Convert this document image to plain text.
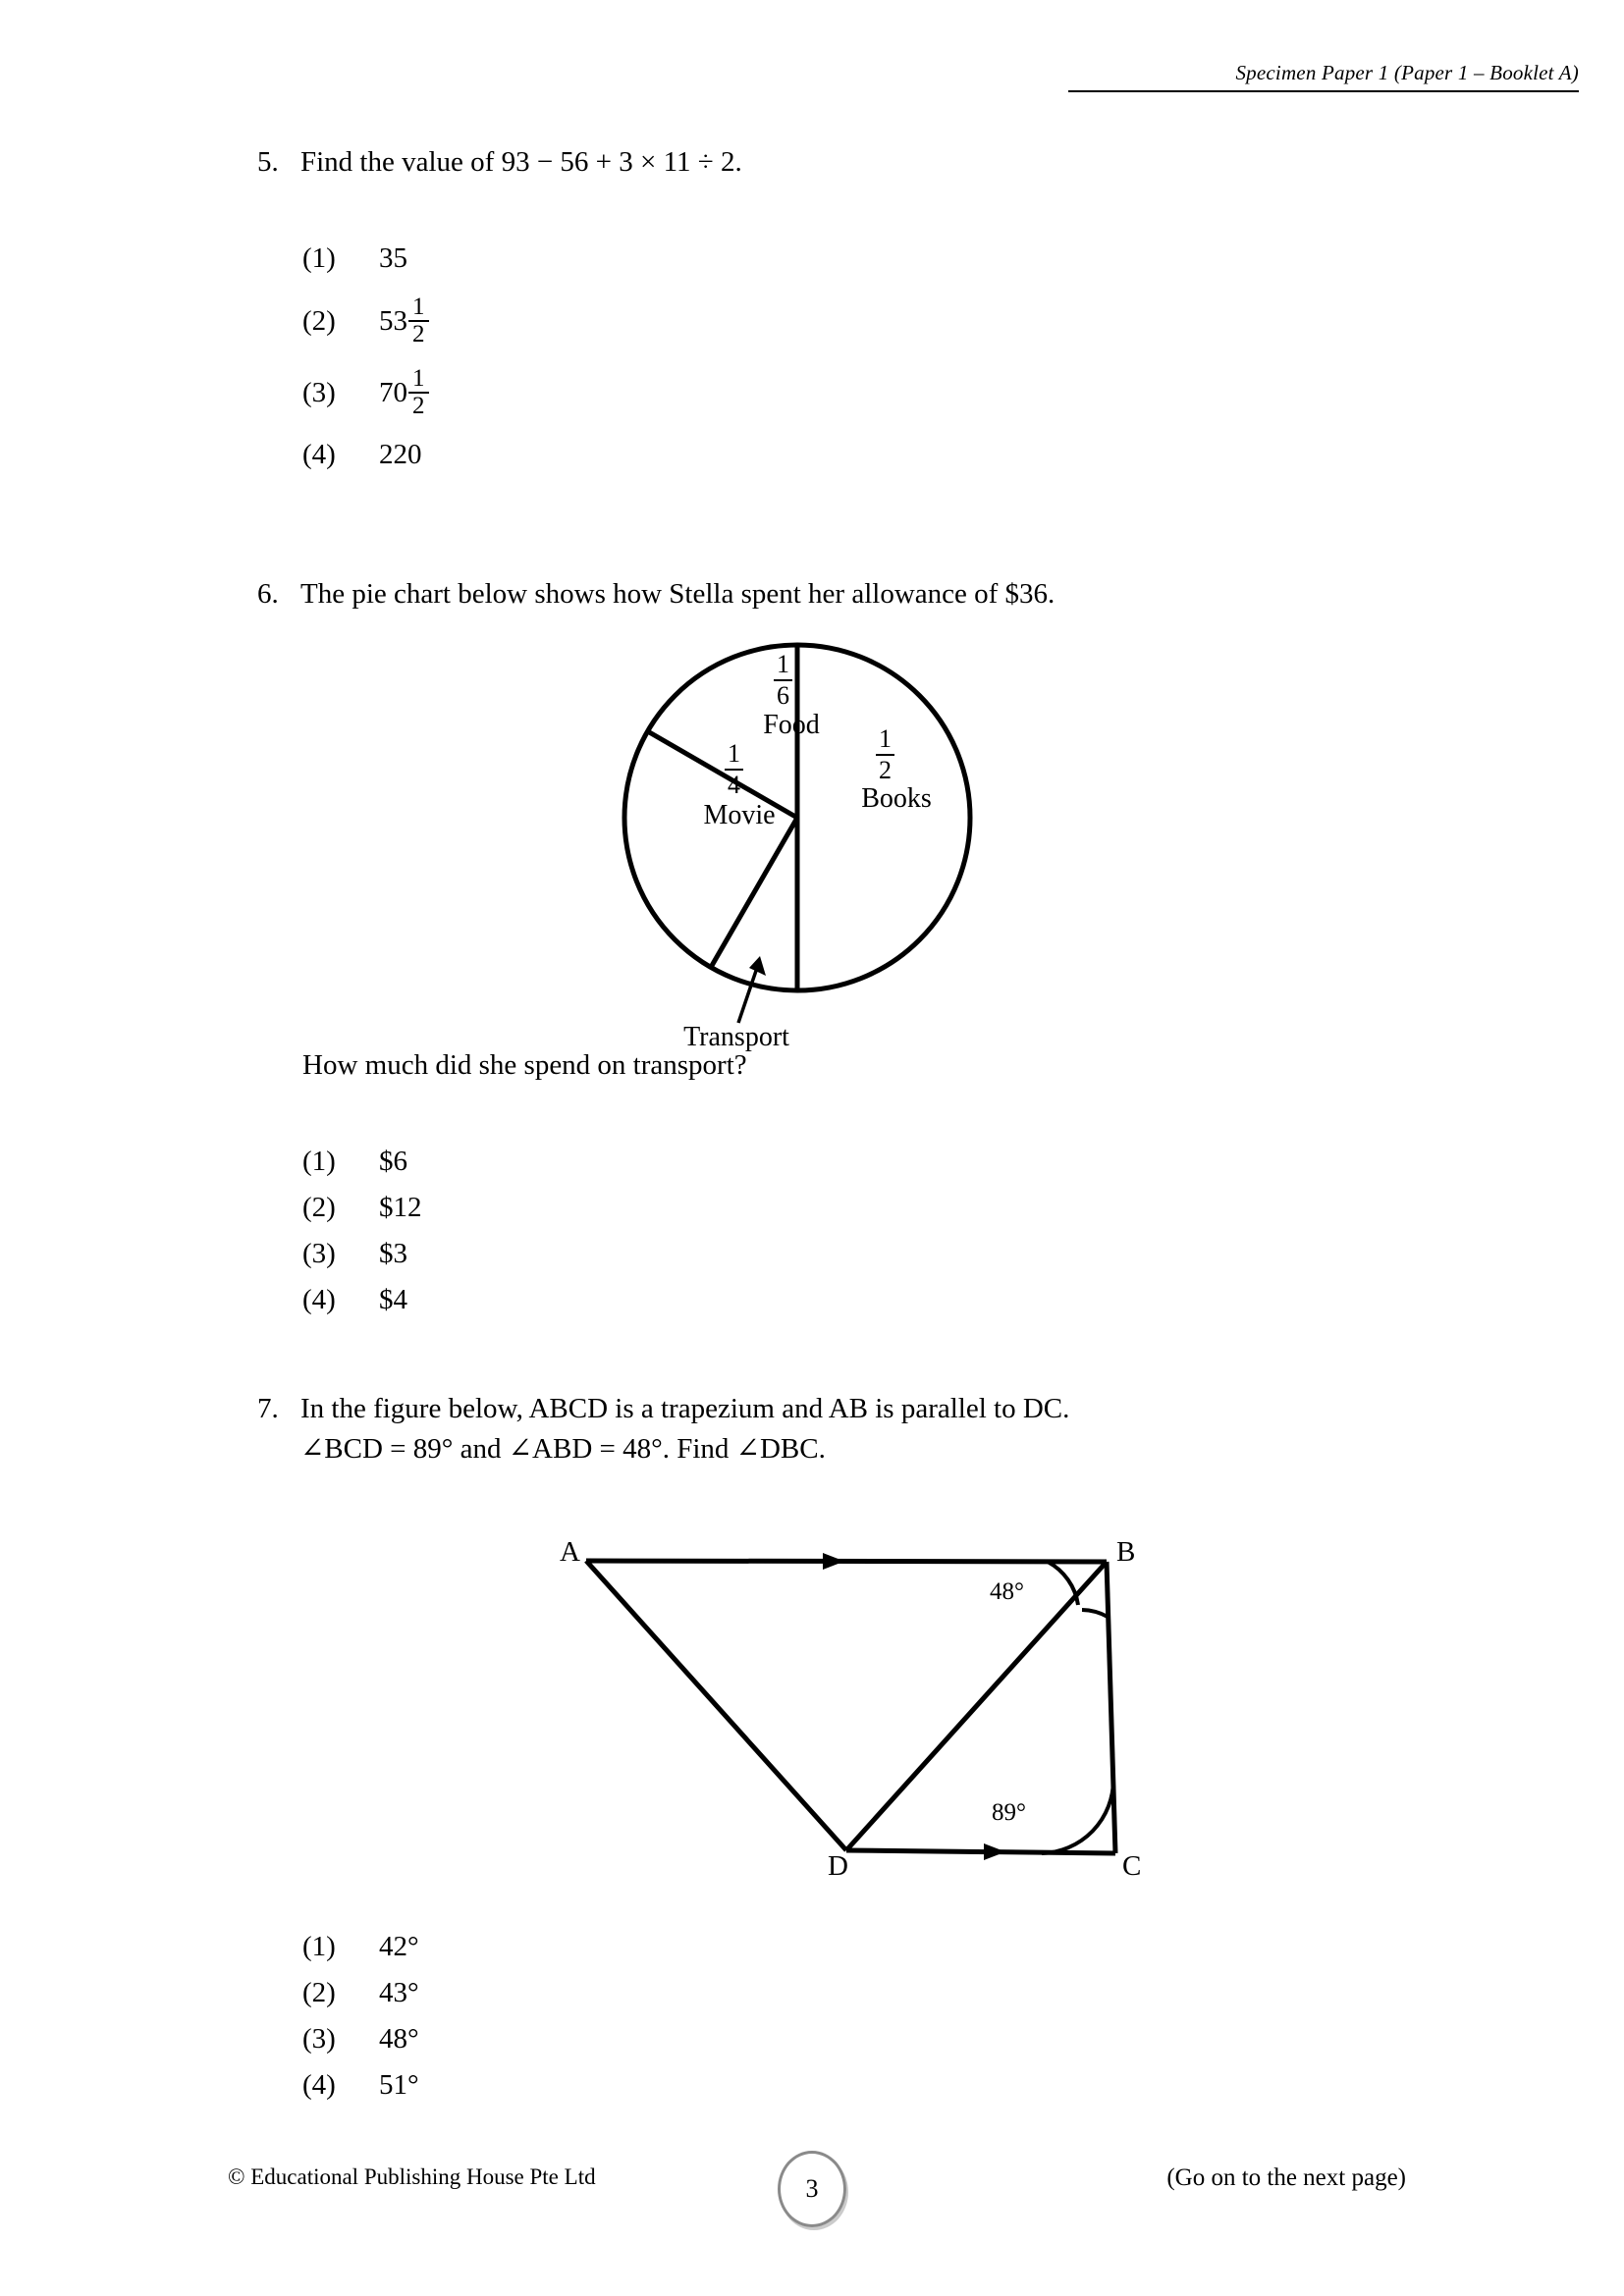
Specimen Paper 1 (Paper 1 – Booklet A)
5. Find the value of 93 − 56 + 3 × 11 ÷ 2.
(1)	35
(2)	$53 \frac{1}{2}$
(3)	$70 \frac{1}{2}$
(4)	220
6. The pie chart below shows how Stella spent her allowance of $36.
$\frac{1}{6}$
Food
$\frac{1}{4}$
Movie
$\frac{1}{2}$
Books
Transport
How much did she spend on transport?
(1)	$6
(2)	$12
(3)	$3
(4)	$4
7. In the figure below, ABCD is a trapezium and AB is parallel to DC.
∠BCD = 89° and ∠ABD = 48°. Find ∠DBC.
A	B
C
D
48°
89°
(1)	42°
(2)	43°
(3)	48°
(4)	51°
© Educational Publishing House Pte Ltd	3	(Go on to the next page)
